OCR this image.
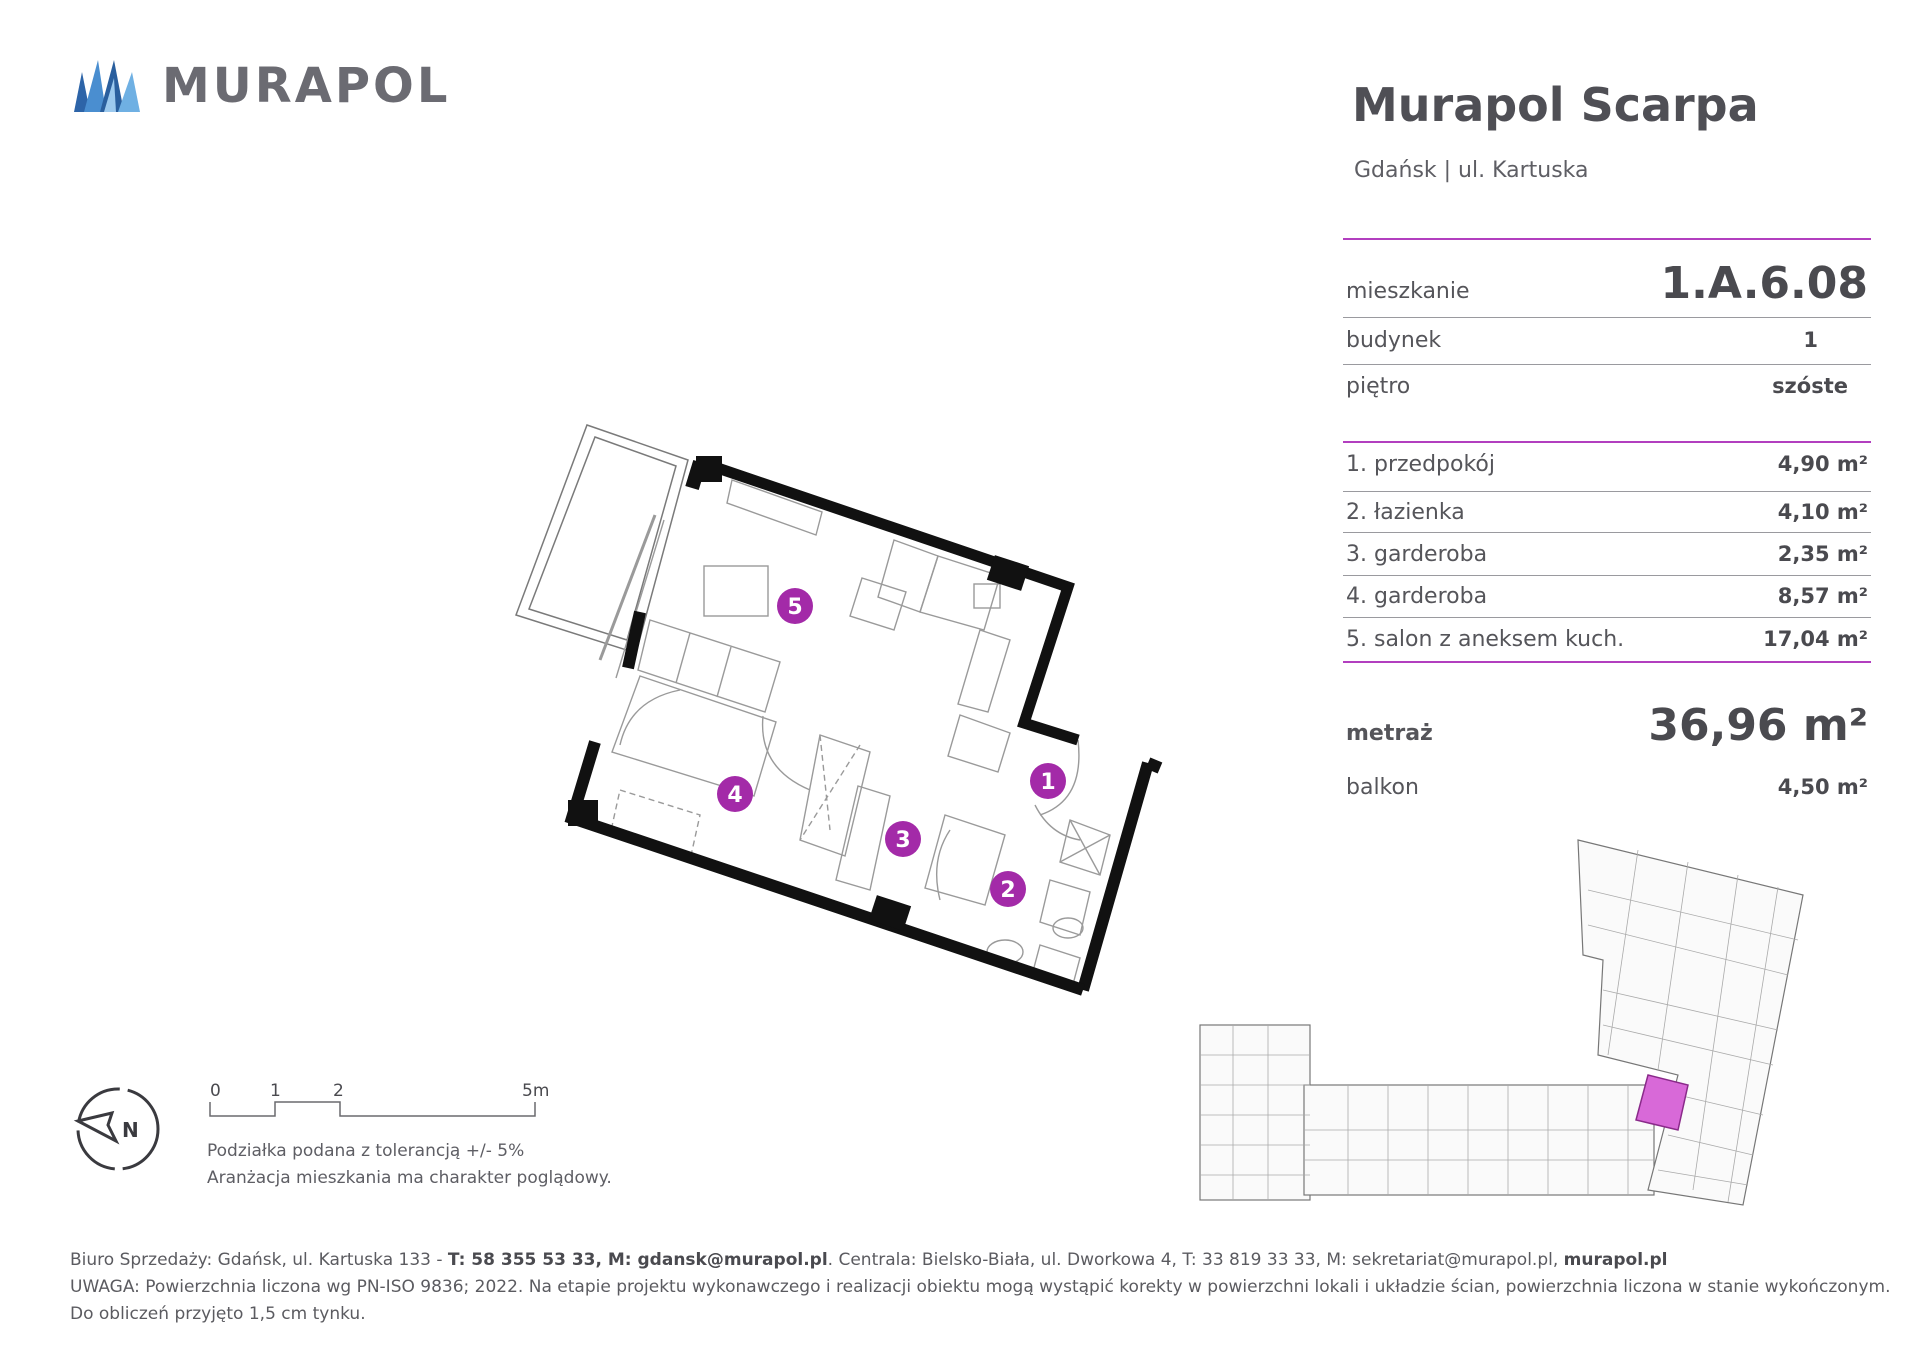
MURAPOL	Murapol Scarpa
Gdańsk | ul. Kartuska
mieszkanie	1.A.6.08
budynek	1
piętro	szóste
1. przedpokój	4,90 m²
2. łazienka	4,10 m²
3. garderoba	2,35 m²
4. garderoba	8,57 m²
5. salon z aneksem kuch.	17,04 m²
metraż	36,96 m²
balkon	4,50 m²
1
2
3
4
5
N
0	1	2	5m
Podziałka podana z tolerancją +/- 5%
Aranżacja mieszkania ma charakter poglądowy.
Biuro Sprzedaży: Gdańsk, ul. Kartuska 133 - T: 58 355 53 33, M: gdansk@murapol.pl. Centrala: Bielsko-Biała, ul. Dworkowa 4, T: 33 819 33 33, M: sekretariat@murapol.pl, murapol.pl
UWAGA: Powierzchnia liczona wg PN-ISO 9836; 2022. Na etapie projektu wykonawczego i realizacji obiektu mogą wystąpić korekty w powierzchni lokali i układzie ścian, powierzchnia liczona w stanie wykończonym.
Do obliczeń przyjęto 1,5 cm tynku.
